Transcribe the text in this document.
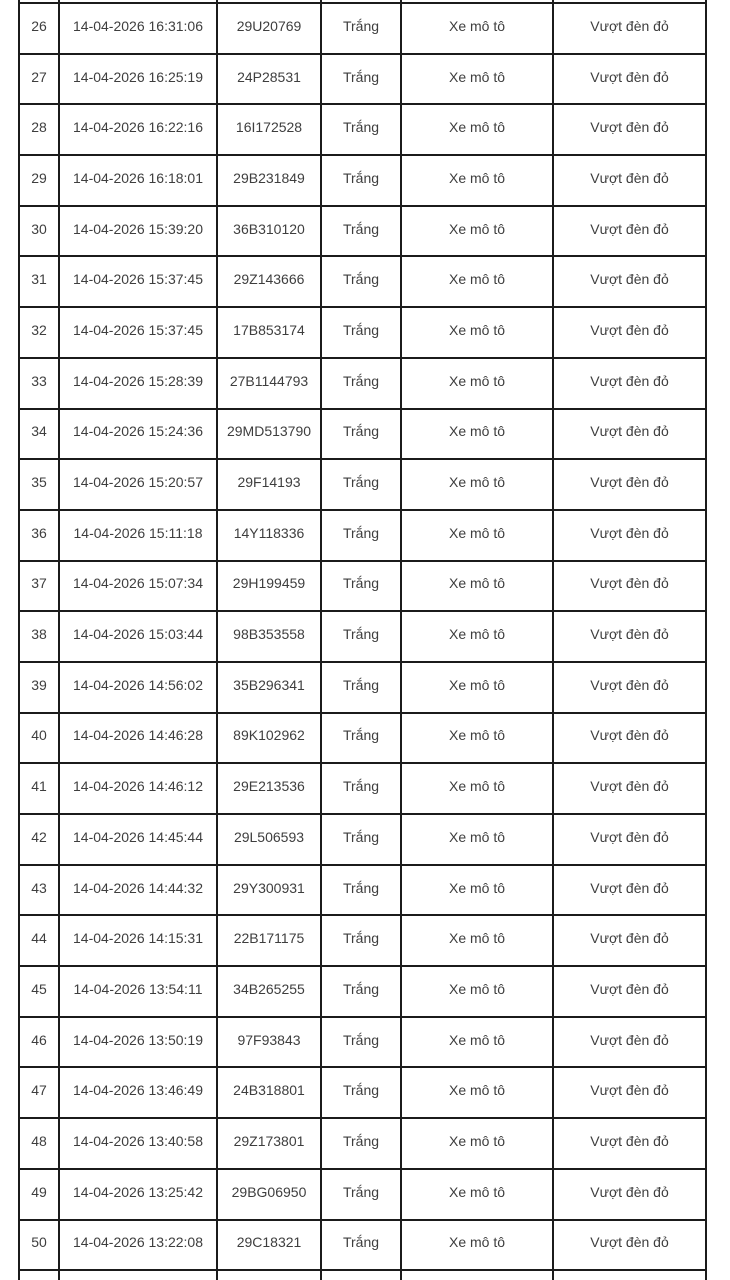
26	14-04-2026 16:31:06	29U20769	Trắng	Xe mô tô	Vượt đèn đỏ
27	14-04-2026 16:25:19	24P28531	Trắng	Xe mô tô	Vượt đèn đỏ
28	14-04-2026 16:22:16	16I172528	Trắng	Xe mô tô	Vượt đèn đỏ
29	14-04-2026 16:18:01	29B231849	Trắng	Xe mô tô	Vượt đèn đỏ
30	14-04-2026 15:39:20	36B310120	Trắng	Xe mô tô	Vượt đèn đỏ
31	14-04-2026 15:37:45	29Z143666	Trắng	Xe mô tô	Vượt đèn đỏ
32	14-04-2026 15:37:45	17B853174	Trắng	Xe mô tô	Vượt đèn đỏ
33	14-04-2026 15:28:39	27B1144793	Trắng	Xe mô tô	Vượt đèn đỏ
34	14-04-2026 15:24:36	29MD513790	Trắng	Xe mô tô	Vượt đèn đỏ
35	14-04-2026 15:20:57	29F14193	Trắng	Xe mô tô	Vượt đèn đỏ
36	14-04-2026 15:11:18	14Y118336	Trắng	Xe mô tô	Vượt đèn đỏ
37	14-04-2026 15:07:34	29H199459	Trắng	Xe mô tô	Vượt đèn đỏ
38	14-04-2026 15:03:44	98B353558	Trắng	Xe mô tô	Vượt đèn đỏ
39	14-04-2026 14:56:02	35B296341	Trắng	Xe mô tô	Vượt đèn đỏ
40	14-04-2026 14:46:28	89K102962	Trắng	Xe mô tô	Vượt đèn đỏ
41	14-04-2026 14:46:12	29E213536	Trắng	Xe mô tô	Vượt đèn đỏ
42	14-04-2026 14:45:44	29L506593	Trắng	Xe mô tô	Vượt đèn đỏ
43	14-04-2026 14:44:32	29Y300931	Trắng	Xe mô tô	Vượt đèn đỏ
44	14-04-2026 14:15:31	22B171175	Trắng	Xe mô tô	Vượt đèn đỏ
45	14-04-2026 13:54:11	34B265255	Trắng	Xe mô tô	Vượt đèn đỏ
46	14-04-2026 13:50:19	97F93843	Trắng	Xe mô tô	Vượt đèn đỏ
47	14-04-2026 13:46:49	24B318801	Trắng	Xe mô tô	Vượt đèn đỏ
48	14-04-2026 13:40:58	29Z173801	Trắng	Xe mô tô	Vượt đèn đỏ
49	14-04-2026 13:25:42	29BG06950	Trắng	Xe mô tô	Vượt đèn đỏ
50	14-04-2026 13:22:08	29C18321	Trắng	Xe mô tô	Vượt đèn đỏ
